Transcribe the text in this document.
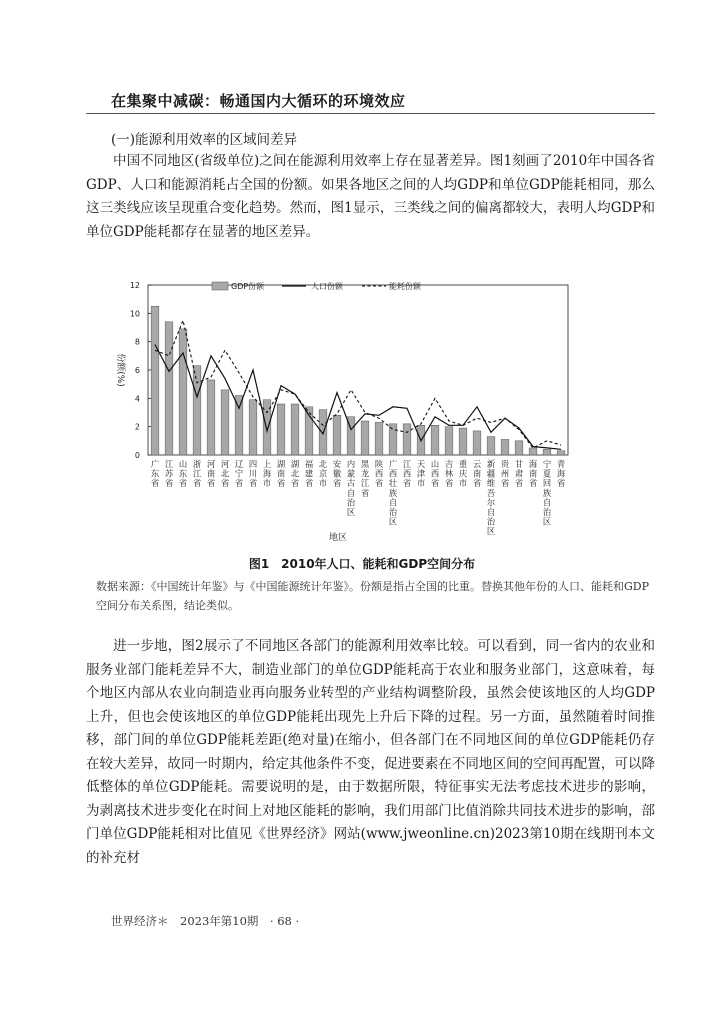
在集聚中减碳：畅通国内大循环的环境效应
(一)能源利用效率的区域间差异

中国不同地区(省级单位)之间在能源利用效率上存在显著差异。图1刻画了2010年中国各省GDP、人口和能源消耗占全国的份额。如果各地区之间的人均GDP和单位GDP能耗相同，那么这三类线应该呈现重合变化趋势。然而，图1显示，三类线之间的偏离都较大，表明人均GDP和单位GDP能耗都存在显著的地区差异。

0
2
4
6
8
10
12
份额(%)
广东省
江苏省
山东省
浙江省
河南省
河北省
辽宁省
四川省
上海市
湖南省
湖北省
福建省
北京市
安徽省
内蒙古自治区
黑龙江省
陕西省
广西壮族自治区
江西省
天津市
山西省
吉林省
重庆市
云南省
新疆维吾尔自治区
贵州省
甘肃省
海南省
宁夏回族自治区
青海省
地区
GDP份额	人口份额	能耗份额
图1　2010年人口、能耗和GDP空间分布
数据来源：《中国统计年鉴》与《中国能源统计年鉴》。份额是指占全国的比重。替换其他年份的人口、能耗和GDP空间分布关系图，结论类似。

进一步地，图2展示了不同地区各部门的能源利用效率比较。可以看到，同一省内的农业和服务业部门能耗差异不大，制造业部门的单位GDP能耗高于农业和服务业部门，这意味着，每个地区内部从农业向制造业再向服务业转型的产业结构调整阶段，虽然会使该地区的人均GDP上升，但也会使该地区的单位GDP能耗出现先上升后下降的过程。另一方面，虽然随着时间推移，部门间的单位GDP能耗差距(绝对量)在缩小，但各部门在不同地区间的单位GDP能耗仍存在较大差异，故同一时期内，给定其他条件不变，促进要素在不同地区间的空间再配置，可以降低整体的单位GDP能耗。需要说明的是，由于数据所限，特征事实无法考虑技术进步的影响，为剥离技术进步变化在时间上对地区能耗的影响，我们用部门比值消除共同技术进步的影响，部门单位GDP能耗相对比值见《世界经济》网站(www.jweonline.cn)2023第10期在线期刊本文的补充材

世界经济＊　2023年第10期　· 68 ·
